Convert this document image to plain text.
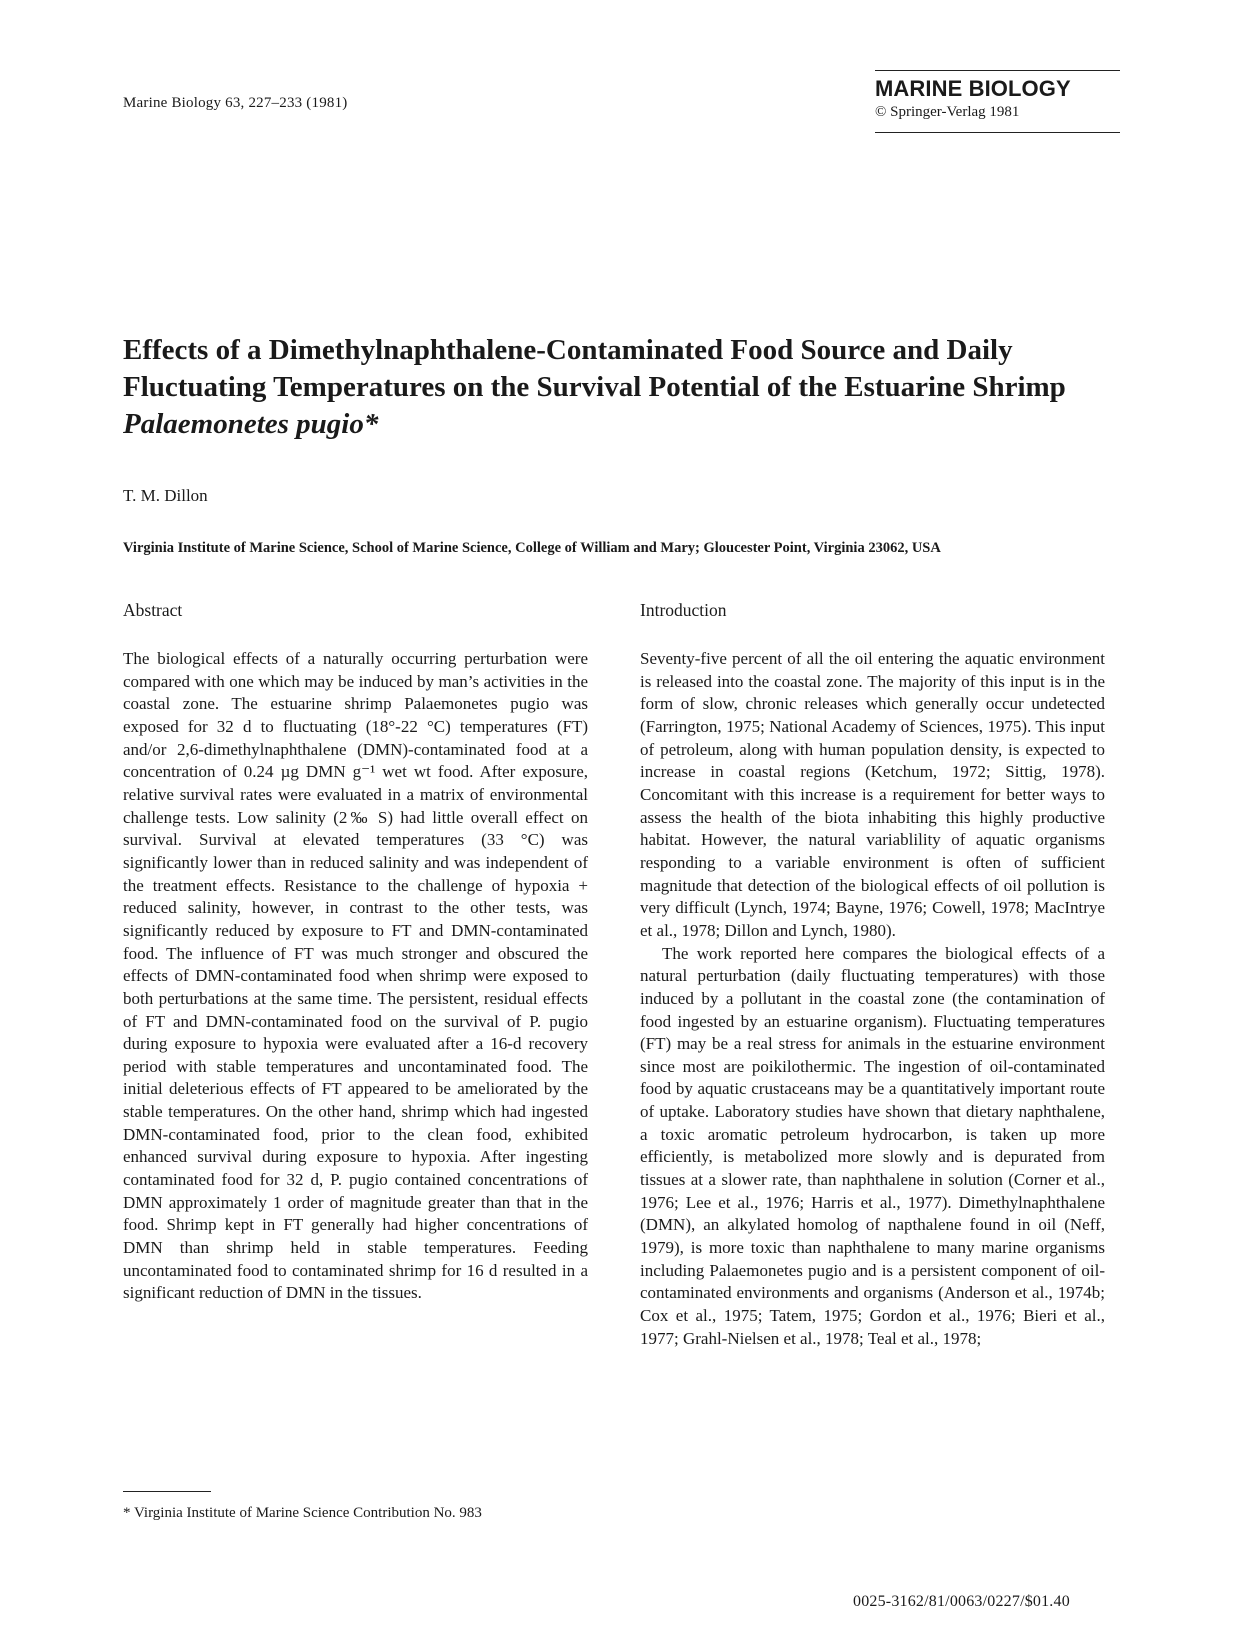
Marine Biology 63, 227–233 (1981)
MARINE BIOLOGY
© Springer-Verlag 1981
Effects of a Dimethylnaphthalene-Contaminated Food Source and Daily Fluctuating Temperatures on the Survival Potential of the Estuarine Shrimp
Palaemonetes pugio*
T. M. Dillon
Virginia Institute of Marine Science, School of Marine Science, College of William and Mary; Gloucester Point, Virginia 23062, USA
Abstract	Introduction

The biological effects of a naturally occurring perturbation were compared with one which may be induced by man’s activities in the coastal zone. The estuarine shrimp Palaemonetes pugio was exposed for 32 d to fluctuating (18°-22 °C) temperatures (FT) and/or 2,6-dimethylnaphthalene (DMN)-contaminated food at a concentration of 0.24 µg DMN g⁻¹ wet wt food. After exposure, relative survival rates were evaluated in a matrix of environmental challenge tests. Low salinity (2‰ S) had little overall effect on survival. Survival at elevated temperatures (33 °C) was significantly lower than in reduced salinity and was independent of the treatment effects. Resistance to the challenge of hypoxia + reduced salinity, however, in contrast to the other tests, was significantly reduced by exposure to FT and DMN-contaminated food. The influence of FT was much stronger and obscured the effects of DMN-contaminated food when shrimp were exposed to both perturbations at the same time. The persistent, residual effects of FT and DMN-contaminated food on the survival of P. pugio during exposure to hypoxia were evaluated after a 16-d recovery period with stable temperatures and uncontaminated food. The initial deleterious effects of FT appeared to be ameliorated by the stable temperatures. On the other hand, shrimp which had ingested DMN-contaminated food, prior to the clean food, exhibited enhanced survival during exposure to hypoxia. After ingesting contaminated food for 32 d, P. pugio contained concentrations of DMN approximately 1 order of magnitude greater than that in the food. Shrimp kept in FT generally had higher concentrations of DMN than shrimp held in stable temperatures. Feeding uncontaminated food to contaminated shrimp for 16 d resulted in a significant reduction of DMN in the tissues.

Seventy-five percent of all the oil entering the aquatic environment is released into the coastal zone. The majority of this input is in the form of slow, chronic releases which generally occur undetected (Farrington, 1975; National Academy of Sciences, 1975). This input of petroleum, along with human population density, is expected to increase in coastal regions (Ketchum, 1972; Sittig, 1978). Concomitant with this increase is a requirement for better ways to assess the health of the biota inhabiting this highly productive habitat. However, the natural variablility of aquatic organisms responding to a variable environment is often of sufficient magnitude that detection of the biological effects of oil pollution is very difficult (Lynch, 1974; Bayne, 1976; Cowell, 1978; MacIntrye et al., 1978; Dillon and Lynch, 1980).

The work reported here compares the biological effects of a natural perturbation (daily fluctuating temperatures) with those induced by a pollutant in the coastal zone (the contamination of food ingested by an estuarine organism). Fluctuating temperatures (FT) may be a real stress for animals in the estuarine environment since most are poikilothermic. The ingestion of oil-contaminated food by aquatic crustaceans may be a quantitatively important route of uptake. Laboratory studies have shown that dietary naphthalene, a toxic aromatic petroleum hydrocarbon, is taken up more efficiently, is metabolized more slowly and is depurated from tissues at a slower rate, than naphthalene in solution (Corner et al., 1976; Lee et al., 1976; Harris et al., 1977). Dimethylnaphthalene (DMN), an alkylated homolog of napthalene found in oil (Neff, 1979), is more toxic than naphthalene to many marine organisms including Palaemonetes pugio and is a persistent component of oil-contaminated environments and organisms (Anderson et al., 1974b; Cox et al., 1975; Tatem, 1975; Gordon et al., 1976; Bieri et al., 1977; Grahl-Nielsen et al., 1978; Teal et al., 1978;

* Virginia Institute of Marine Science Contribution No. 983
0025-3162/81/0063/0227/$01.40
